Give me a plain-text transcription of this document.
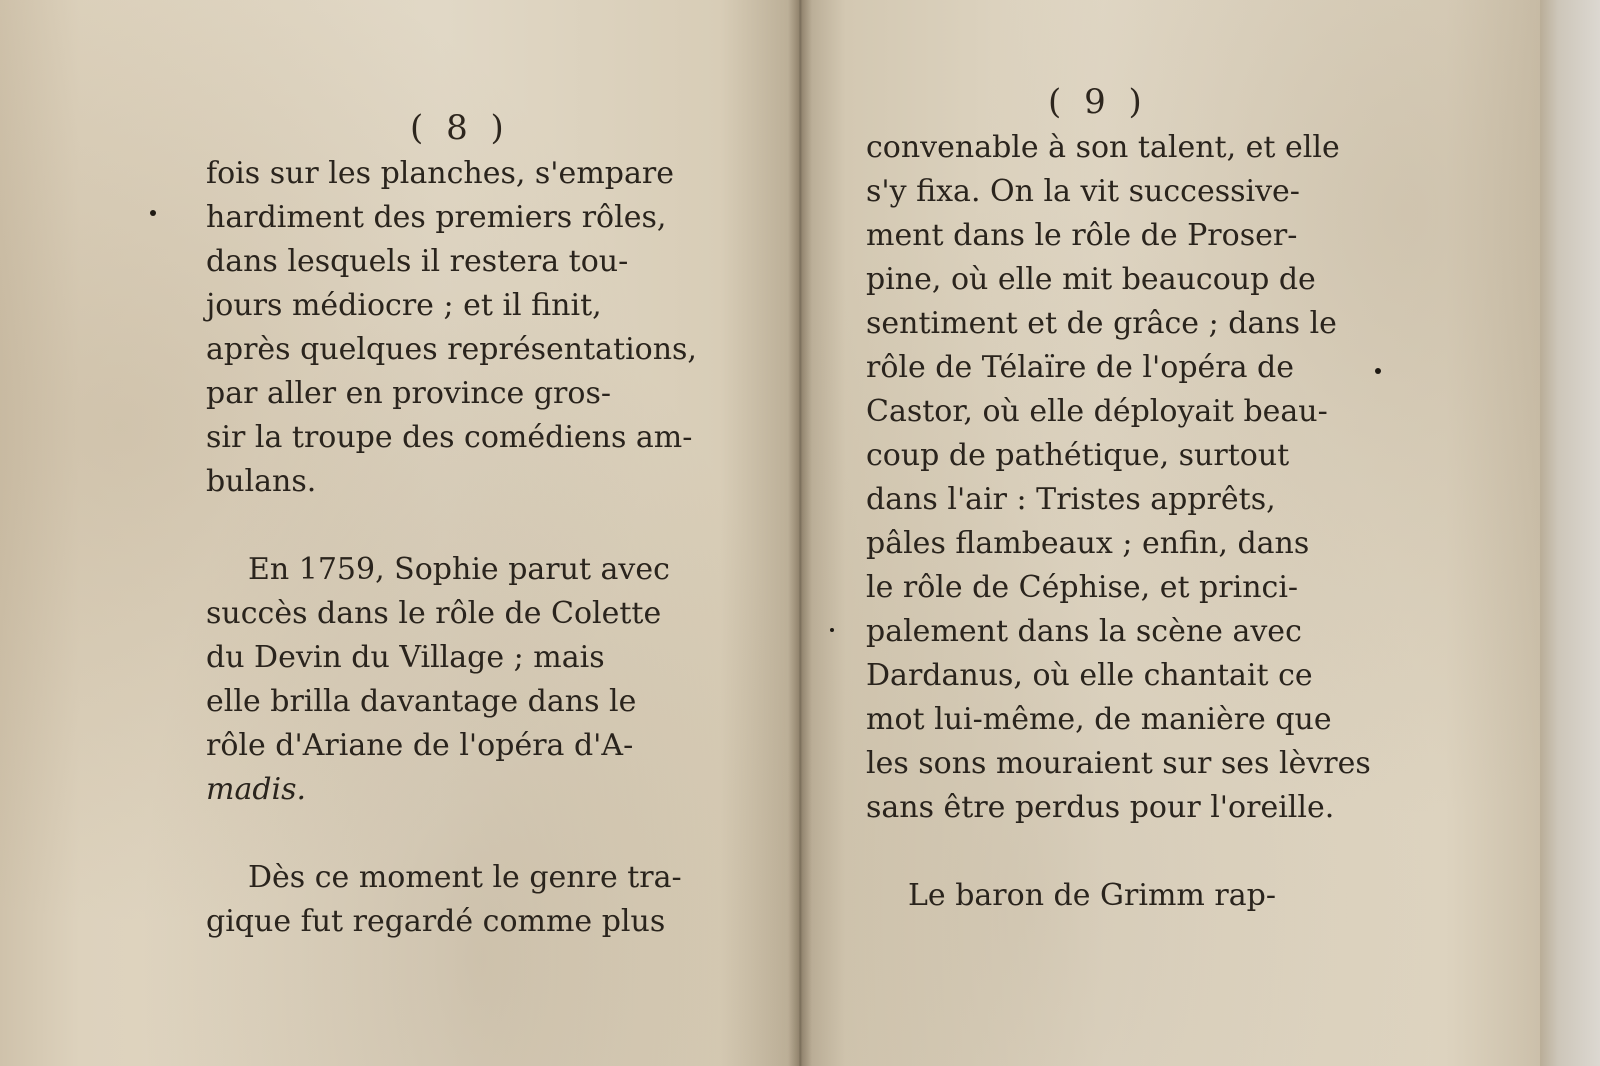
( 8 )
fois sur les planches, s'empare
hardiment des premiers rôles,
dans lesquels il restera tou-
jours médiocre ; et il finit,
après quelques représentations,
par aller en province gros-
sir la troupe des comédiens am-
bulans.
En 1759, Sophie parut avec
succès dans le rôle de Colette
du Devin du Village ; mais
elle brilla davantage dans le
rôle d'Ariane de l'opéra d'A-
madis.
Dès ce moment le genre tra-
gique fut regardé comme plus
( 9 )
convenable à son talent, et elle
s'y fixa. On la vit successive-
ment dans le rôle de Proser-
pine, où elle mit beaucoup de
sentiment et de grâce ; dans le
rôle de Télaïre de l'opéra de
Castor, où elle déployait beau-
coup de pathétique, surtout
dans l'air : Tristes apprêts,
pâles flambeaux ; enfin, dans
le rôle de Céphise, et princi-
palement dans la scène avec
Dardanus, où elle chantait ce
mot lui-même, de manière que
les sons mouraient sur ses lèvres
sans être perdus pour l'oreille.
Le baron de Grimm rap-
